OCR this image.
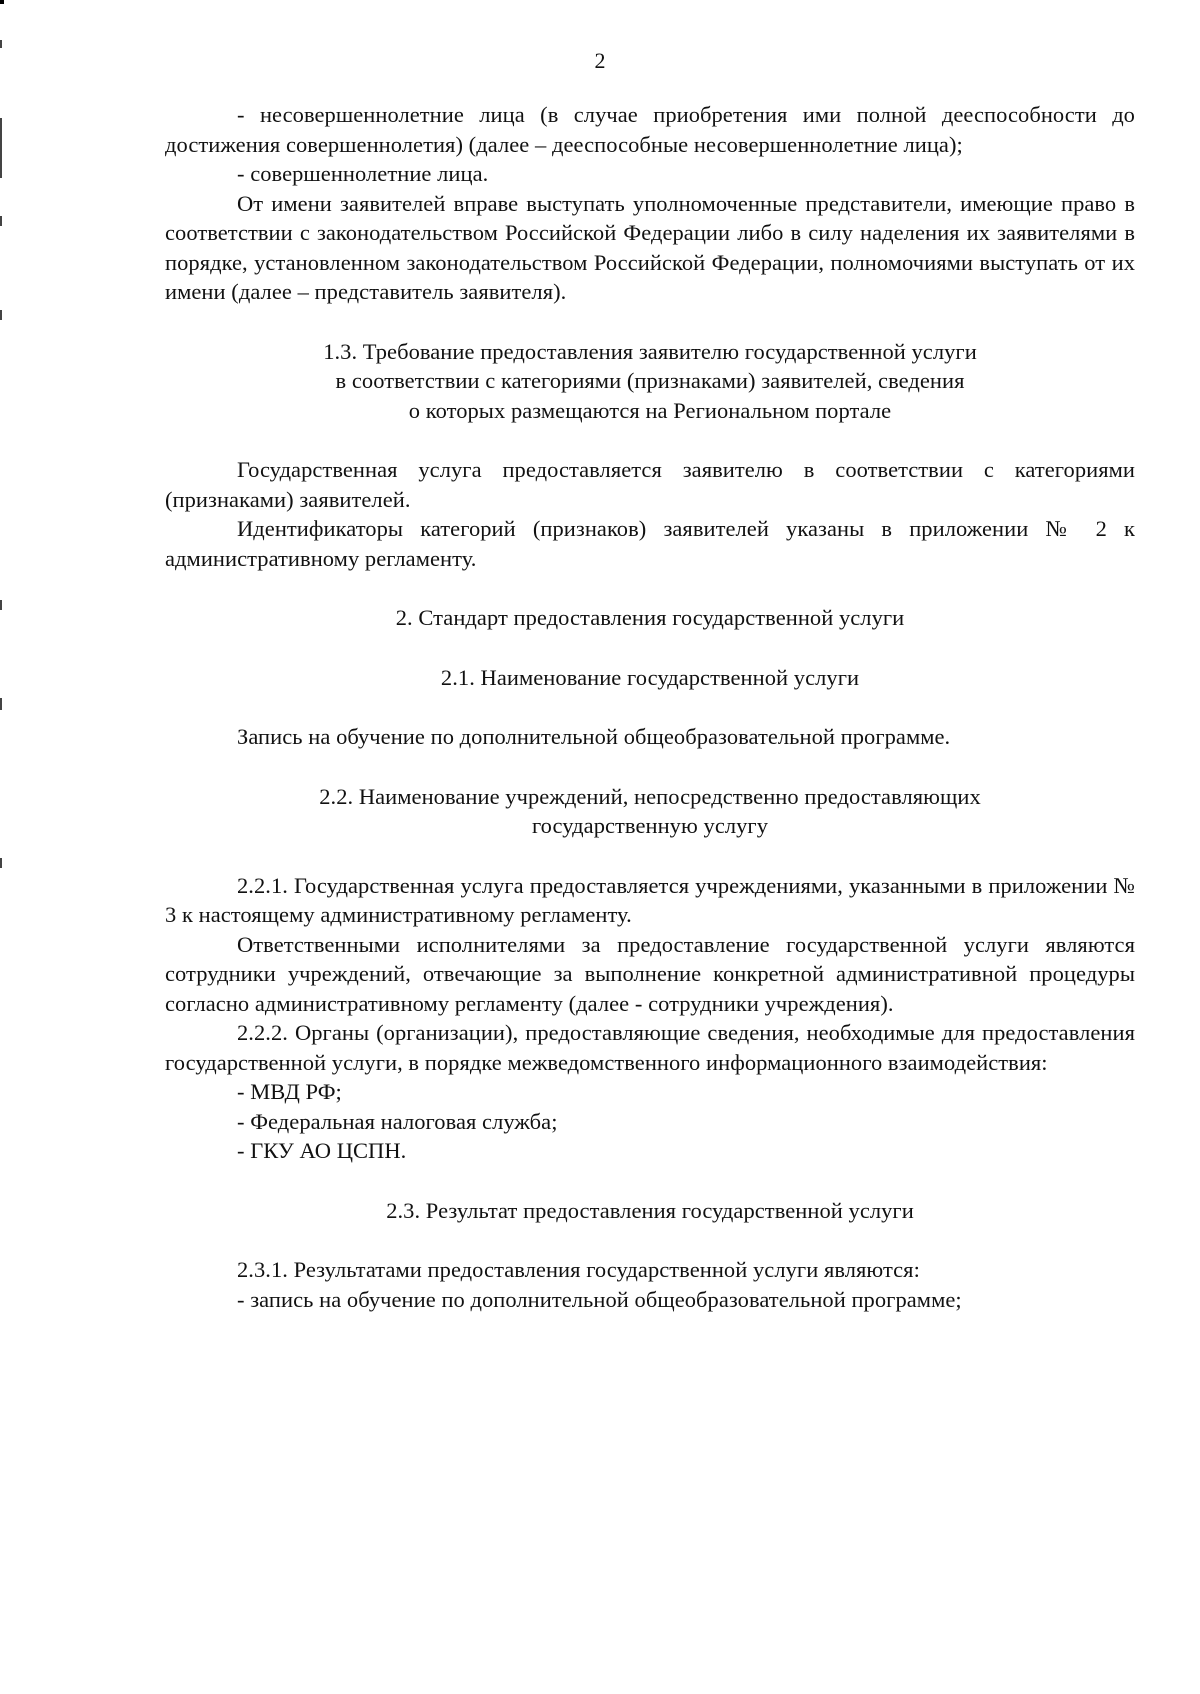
2

- несовершеннолетние лица (в случае приобретения ими полной дееспособности до достижения совершеннолетия) (далее – дееспособные несовершеннолетние лица);

- совершеннолетние лица.

От имени заявителей вправе выступать уполномоченные представители, имеющие право в соответствии с законодательством Российской Федерации либо в силу наделения их заявителями в порядке, установленном законодательством Российской Федерации, полномочиями выступать от их имени (далее – представитель заявителя).

1.3. Требование предоставления заявителю государственной услуги

в соответствии с категориями (признаками) заявителей, сведения

о которых размещаются на Региональном портале

Государственная услуга предоставляется заявителю в соответствии с категориями (признаками) заявителей.

Идентификаторы категорий (признаков) заявителей указаны в приложении № 2 к административному регламенту.

2. Стандарт предоставления государственной услуги

2.1. Наименование государственной услуги

Запись на обучение по дополнительной общеобразовательной программе.

2.2. Наименование учреждений, непосредственно предоставляющих

государственную услугу

2.2.1. Государственная услуга предоставляется учреждениями, указанными в приложении № 3 к настоящему административному регламенту.

Ответственными исполнителями за предоставление государственной услуги являются сотрудники учреждений, отвечающие за выполнение конкретной административной процедуры согласно административному регламенту (далее - сотрудники учреждения).

2.2.2. Органы (организации), предоставляющие сведения, необходимые для предоставления государственной услуги, в порядке межведомственного информационного взаимодействия:

- МВД РФ;

- Федеральная налоговая служба;

- ГКУ АО ЦСПН.

2.3. Результат предоставления государственной услуги

2.3.1. Результатами предоставления государственной услуги являются:

- запись на обучение по дополнительной общеобразовательной программе;
